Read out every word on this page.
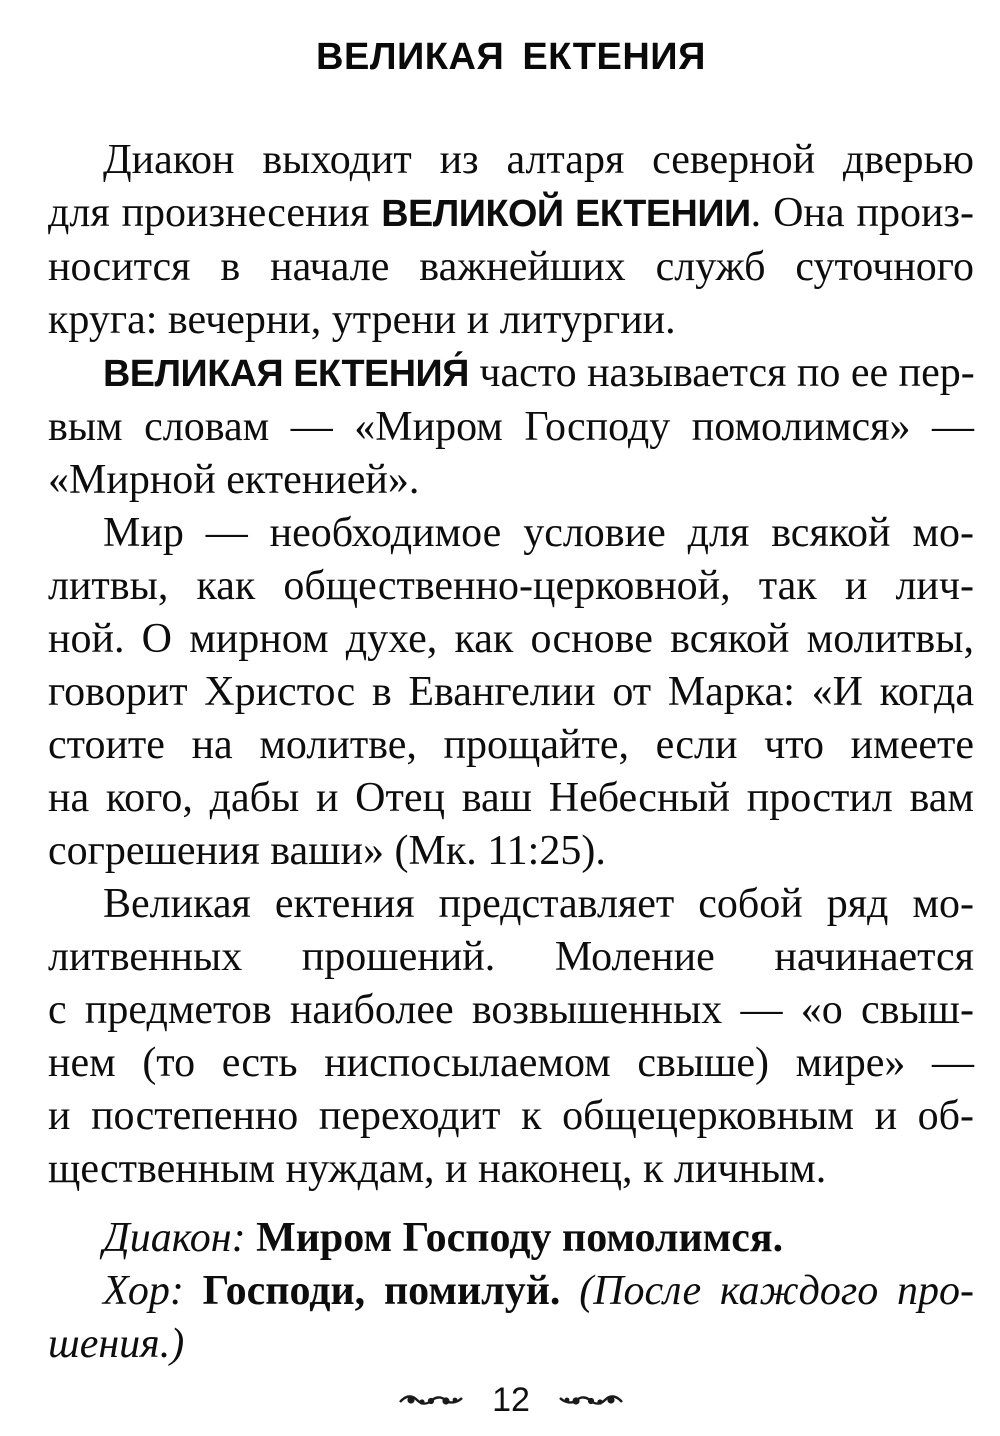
ВЕЛИКАЯ ЕКТЕНИЯ
Диакон выходит из алтаря северной дверью
для произнесения ВЕЛИКОЙ ЕКТЕНИИ. Она произ-
носится в начале важнейших служб суточного
круга: вечерни, утрени и литургии.
ВЕЛИКАЯ ЕКТЕНИЯ́ часто называется по ее пер-
вым словам — «Миром Господу помолимся» —
«Мирной ектенией».
Мир — необходимое условие для всякой мо-
литвы, как общественно-церковной, так и лич-
ной. О мирном духе, как основе всякой молитвы,
говорит Христос в Евангелии от Марка: «И когда
стоите на молитве, прощайте, если что имеете
на кого, дабы и Отец ваш Небесный простил вам
согрешения ваши» (Мк. 11:25).
Великая ектения представляет собой ряд мо-
литвенных прошений. Моление начинается
с предметов наиболее возвышенных — «о свыш-
нем (то есть ниспосылаемом свыше) мире» —
и постепенно переходит к общецерковным и об-
щественным нуждам, и наконец, к личным.
Диакон: Миром Господу помолимся.
Хор: Господи, помилуй. (После каждого про-
шения.)
12
